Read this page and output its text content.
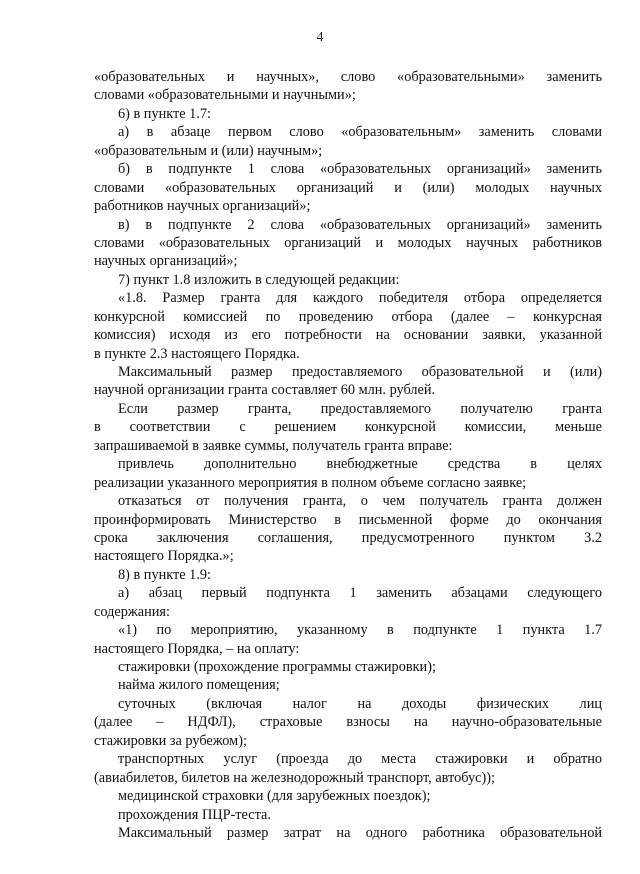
4
«образовательных и научных», слово «образовательными» заменить
словами «образовательными и научными»;
6) в пункте 1.7:
а) в абзаце первом слово «образовательным» заменить словами
«образовательным и (или) научным»;
б) в подпункте 1 слова «образовательных организаций» заменить
словами «образовательных организаций и (или) молодых научных
работников научных организаций»;
в) в подпункте 2 слова «образовательных организаций» заменить
словами «образовательных организаций и молодых научных работников
научных организаций»;
7) пункт 1.8 изложить в следующей редакции:
«1.8. Размер гранта для каждого победителя отбора определяется
конкурсной комиссией по проведению отбора (далее – конкурсная
комиссия) исходя из его потребности на основании заявки, указанной
в пункте 2.3 настоящего Порядка.
Максимальный размер предоставляемого образовательной и (или)
научной организации гранта составляет 60 млн. рублей.
Если размер гранта, предоставляемого получателю гранта
в соответствии с решением конкурсной комиссии, меньше
запрашиваемой в заявке суммы, получатель гранта вправе:
привлечь дополнительно внебюджетные средства в целях
реализации указанного мероприятия в полном объеме согласно заявке;
отказаться от получения гранта, о чем получатель гранта должен
проинформировать Министерство в письменной форме до окончания
срока заключения соглашения, предусмотренного пунктом 3.2
настоящего Порядка.»;
8) в пункте 1.9:
а) абзац первый подпункта 1 заменить абзацами следующего
содержания:
«1) по мероприятию, указанному в подпункте 1 пункта 1.7
настоящего Порядка, – на оплату:
стажировки (прохождение программы стажировки);
найма жилого помещения;
суточных (включая налог на доходы физических лиц
(далее – НДФЛ), страховые взносы на научно-образовательные
стажировки за рубежом);
транспортных услуг (проезда до места стажировки и обратно
(авиабилетов, билетов на железнодорожный транспорт, автобус));
медицинской страховки (для зарубежных поездок);
прохождения ПЦР-теста.
Максимальный размер затрат на одного работника образовательной
